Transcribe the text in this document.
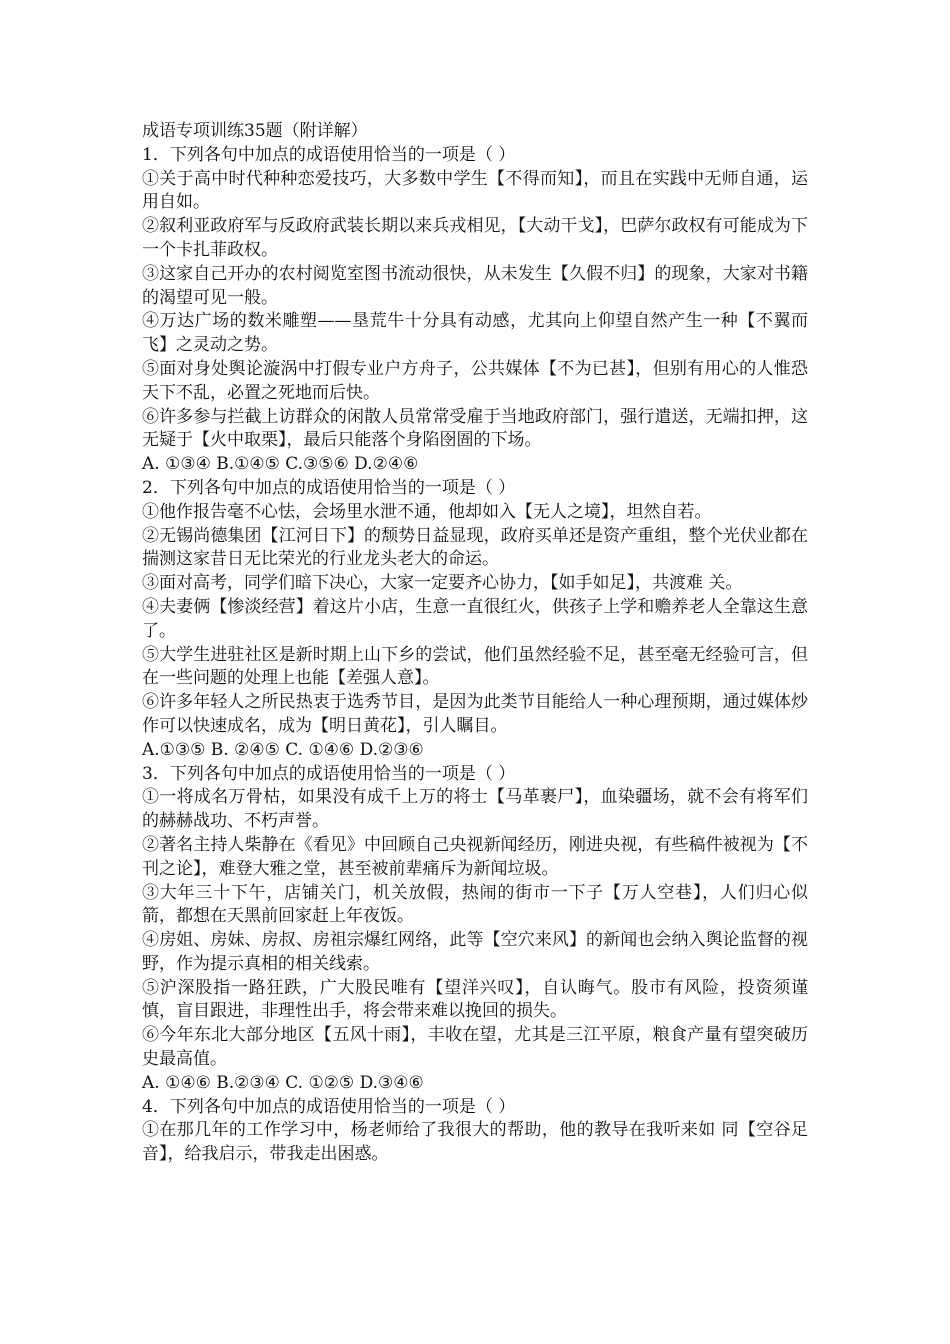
成语专项训练35题（附详解）
1．下列各句中加点的成语使用恰当的一项是（ ）
①关于高中时代种种恋爱技巧，大多数中学生【不得而知】，而且在实践中无师自通，运用自如。
②叙利亚政府军与反政府武装长期以来兵戎相见，【大动干戈】，巴萨尔政权有可能成为下一个卡扎菲政权。
③这家自己开办的农村阅览室图书流动很快，从未发生【久假不归】的现象，大家对书籍的渴望可见一般。
④万达广场的数米雕塑——垦荒牛十分具有动感，尤其向上仰望自然产生一种【不翼而飞】之灵动之势。
⑤面对身处舆论漩涡中打假专业户方舟子，公共媒体【不为已甚】，但别有用心的人惟恐天下不乱，必置之死地而后快。
⑥许多参与拦截上访群众的闲散人员常常受雇于当地政府部门，强行遣送，无端扣押，这无疑于【火中取栗】，最后只能落个身陷囹圄的下场。
A. ①③④ B.①④⑤ C.③⑤⑥ D.②④⑥
2．下列各句中加点的成语使用恰当的一项是（ ）
①他作报告毫不心怯，会场里水泄不通，他却如入【无人之境】，坦然自若。
②无锡尚德集团【江河日下】的颓势日益显现，政府买单还是资产重组，整个光伏业都在揣测这家昔日无比荣光的行业龙头老大的命运。
③面对高考，同学们暗下决心，大家一定要齐心协力，【如手如足】，共渡难 关。
④夫妻俩【惨淡经营】着这片小店，生意一直很红火，供孩子上学和赡养老人全靠这生意了。
⑤大学生进驻社区是新时期上山下乡的尝试，他们虽然经验不足，甚至毫无经验可言，但在一些问题的处理上也能【差强人意】。
⑥许多年轻人之所民热衷于选秀节目，是因为此类节目能给人一种心理预期，通过媒体炒作可以快速成名，成为【明日黄花】，引人瞩目。
A.①③⑤ B. ②④⑤ C. ①④⑥ D.②③⑥
3．下列各句中加点的成语使用恰当的一项是（ ）
①一将成名万骨枯，如果没有成千上万的将士【马革裹尸】，血染疆场，就不会有将军们的赫赫战功、不朽声誉。
②著名主持人柴静在《看见》中回顾自己央视新闻经历，刚进央视，有些稿件被视为【不刊之论】，难登大雅之堂，甚至被前辈痛斥为新闻垃圾。
③大年三十下午，店铺关门，机关放假，热闹的街市一下子【万人空巷】，人们归心似箭，都想在天黑前回家赶上年夜饭。
④房姐、房妹、房叔、房祖宗爆红网络，此等【空穴来风】的新闻也会纳入舆论监督的视野，作为提示真相的相关线索。
⑤沪深股指一路狂跌，广大股民唯有【望洋兴叹】，自认晦气。股市有风险，投资须谨慎，盲目跟进，非理性出手，将会带来难以挽回的损失。
⑥今年东北大部分地区【五风十雨】，丰收在望，尤其是三江平原，粮食产量有望突破历史最高值。
A. ①④⑥ B.②③④ C. ①②⑤ D.③④⑥
4．下列各句中加点的成语使用恰当的一项是（ ）
①在那几年的工作学习中，杨老师给了我很大的帮助，他的教导在我听来如 同【空谷足音】，给我启示，带我走出困惑。
